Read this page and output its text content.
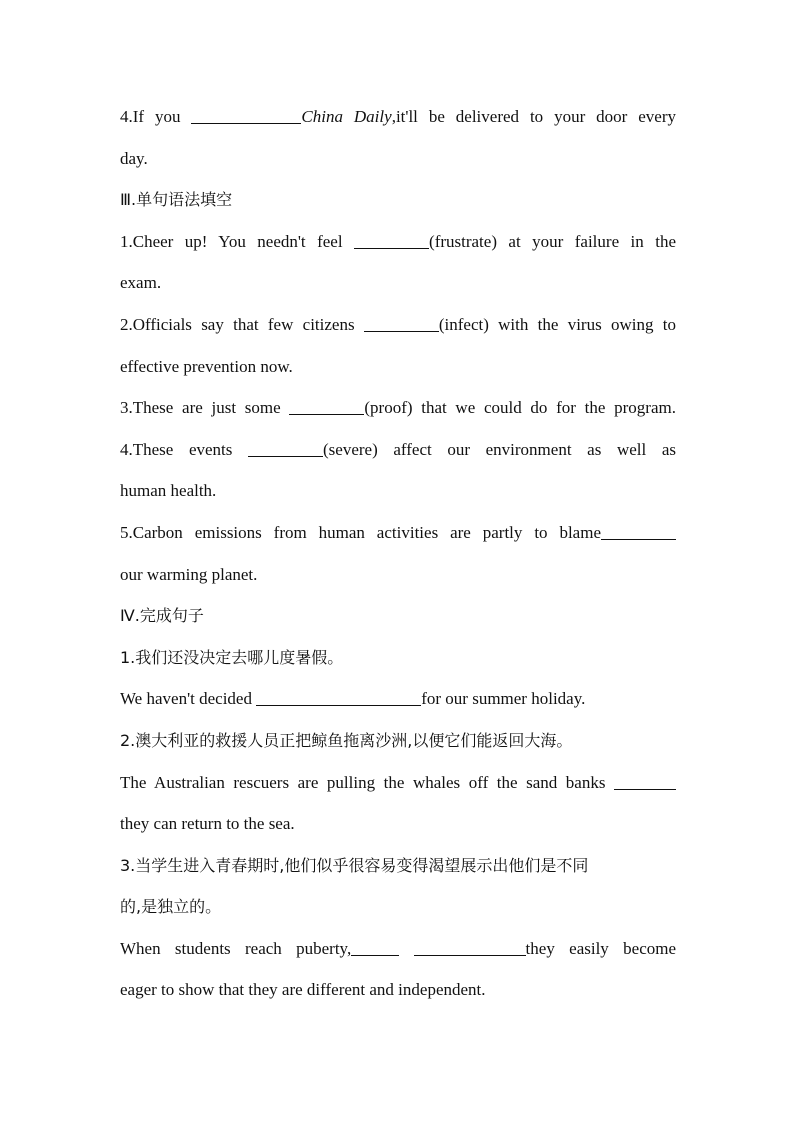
4.If you	China Daily,it'll be delivered to your door every
day.
Ⅲ.单句语法填空
1.Cheer up! You needn't feel	(frustrate) at your failure in the
exam.
2.Officials say that few citizens	(infect) with the virus owing to
effective prevention now.
3.These are just some	(proof) that we could do for the program.
4.These events	(severe) affect our environment as well as
human health.
5.Carbon emissions from human activities are partly to blame
our warming planet.
Ⅳ.完成句子
1.我们还没决定去哪儿度暑假。
We haven't decided	for our summer holiday.
2.澳大利亚的救援人员正把鲸鱼拖离沙洲,以便它们能返回大海。
The Australian rescuers are pulling the whales off the sand banks
they can return to the sea.
3.当学生进入青春期时,他们似乎很容易变得渴望展示出他们是不同
的,是独立的。
When students reach puberty,	they easily become
eager to show that they are different and independent.
